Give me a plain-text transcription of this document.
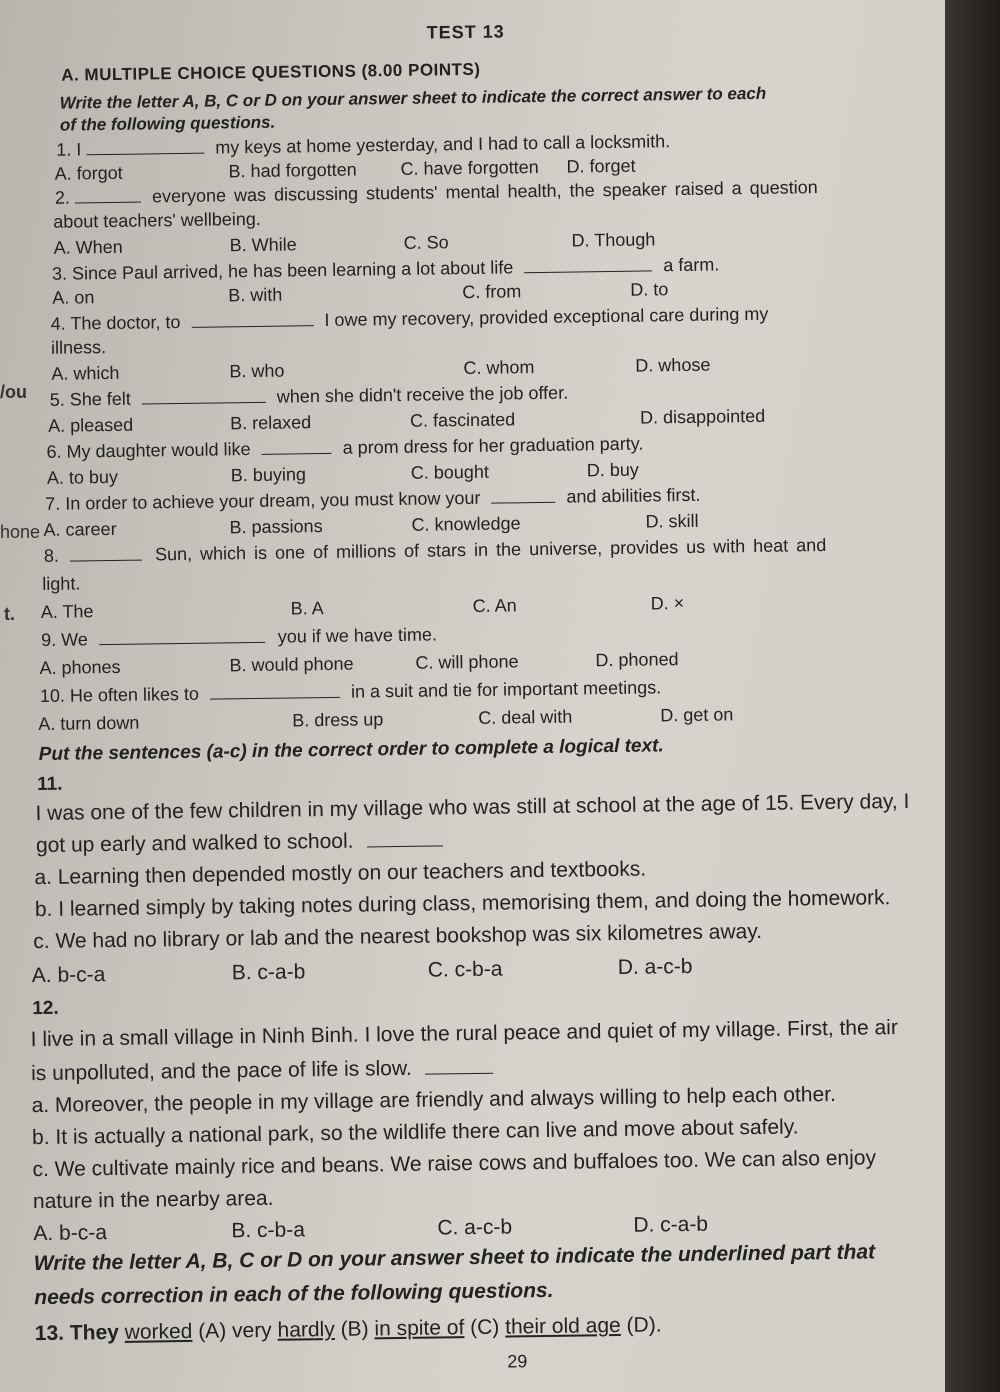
/ou
hone
t.
TEST 13
A. MULTIPLE CHOICE QUESTIONS (8.00 POINTS)
Write the letter A, B, C or D on your answer sheet to indicate the correct answer to each
of the following questions.
1. I	my keys at home yesterday, and I had to call a locksmith.
A. forgot	B. had forgotten C. have forgotten D. forget
2.	everyone was discussing students' mental health, the speaker raised a question
about teachers' wellbeing.
A. When	B. While	C. So	D. Though
3. Since Paul arrived, he has been learning a lot about life	a farm.
A. on	B. with	C. from	D. to
4. The doctor, to	I owe my recovery, provided exceptional care during my
illness.
A. which	B. who	C. whom	D. whose
5. She felt	when she didn't receive the job offer.
A. pleased	B. relaxed	C. fascinated	D. disappointed
6. My daughter would like	a prom dress for her graduation party.
A. to buy	B. buying	C. bought	D. buy
7. In order to achieve your dream, you must know your	and abilities first.
A. career	B. passions	C. knowledge	D. skill
8.	Sun, which is one of millions of stars in the universe, provides us with heat and
light.
A. The	B. A	C. An	D. ×
9. We	you if we have time.
A. phones	B. would phone	C. will phone	D. phoned
10. He often likes to	in a suit and tie for important meetings.
A. turn down	B. dress up	C. deal with	D. get on
Put the sentences (a-c) in the correct order to complete a logical text.
11.
I was one of the few children in my village who was still at school at the age of 15. Every day, I
got up early and walked to school.
a. Learning then depended mostly on our teachers and textbooks.
b. I learned simply by taking notes during class, memorising them, and doing the homework.
c. We had no library or lab and the nearest bookshop was six kilometres away.
A. b-c-a	B. c-a-b	C. c-b-a	D. a-c-b
12.
I live in a small village in Ninh Binh. I love the rural peace and quiet of my village. First, the air
is unpolluted, and the pace of life is slow.
a. Moreover, the people in my village are friendly and always willing to help each other.
b. It is actually a national park, so the wildlife there can live and move about safely.
c. We cultivate mainly rice and beans. We raise cows and buffaloes too. We can also enjoy
nature in the nearby area.
A. b-c-a	B. c-b-a	C. a-c-b	D. c-a-b
Write the letter A, B, C or D on your answer sheet to indicate the underlined part that
needs correction in each of the following questions.
13. They worked (A) very hardly (B) in spite of (C) their old age (D).
29
